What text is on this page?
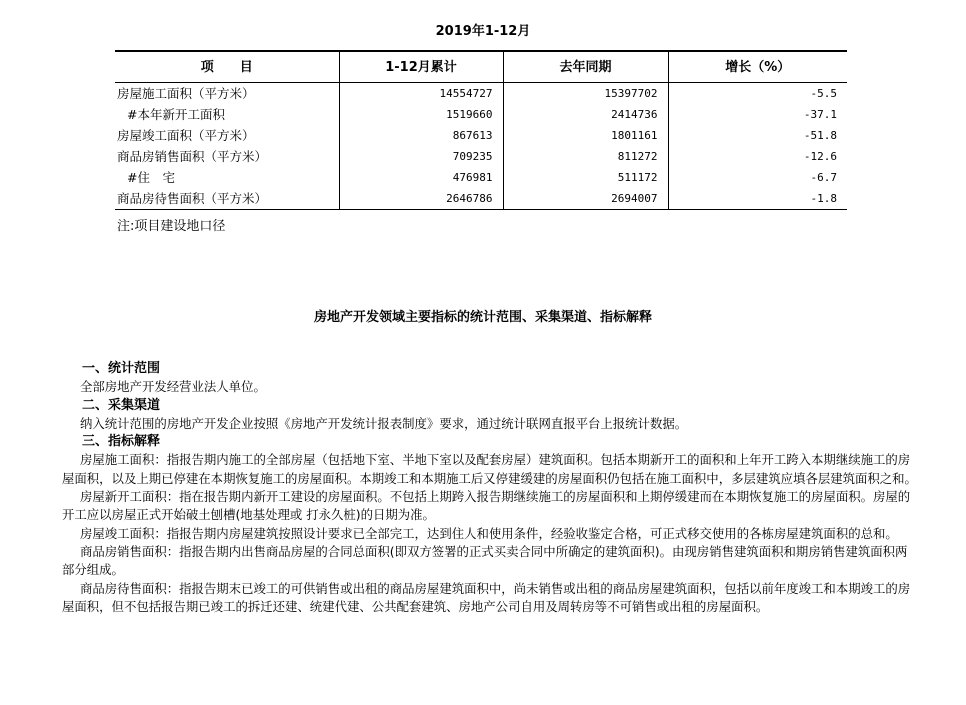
2019年1-12月
项　　目	1-12月累计	去年同期	增长（%）
房屋施工面积（平方米）	14554727	15397702	-5.5
#本年新开工面积	1519660	2414736	-37.1
房屋竣工面积（平方米）	867613	1801161	-51.8
商品房销售面积（平方米）	709235	811272	-12.6
#住　宅	476981	511172	-6.7
商品房待售面积（平方米）	2646786	2694007	-1.8
注:项目建设地口径
房地产开发领域主要指标的统计范围、采集渠道、指标解释
一、统计范围

全部房地产开发经营业法人单位。

二、采集渠道

纳入统计范围的房地产开发企业按照《房地产开发统计报表制度》要求，通过统计联网直报平台上报统计数据。

三、指标解释

房屋施工面积：指报告期内施工的全部房屋（包括地下室、半地下室以及配套房屋）建筑面积。包括本期新开工的面积和上年开工跨入本期继续施工的房屋面积，以及上期已停建在本期恢复施工的房屋面积。本期竣工和本期施工后又停建缓建的房屋面积仍包括在施工面积中，多层建筑应填各层建筑面积之和。

房屋新开工面积：指在报告期内新开工建设的房屋面积。不包括上期跨入报告期继续施工的房屋面积和上期停缓建而在本期恢复施工的房屋面积。房屋的开工应以房屋正式开始破土刨槽(地基处理或 打永久桩)的日期为准。

房屋竣工面积：指报告期内房屋建筑按照设计要求已全部完工，达到住人和使用条件，经验收鉴定合格，可正式移交使用的各栋房屋建筑面积的总和。

商品房销售面积：指报告期内出售商品房屋的合同总面积(即双方签署的正式买卖合同中所确定的建筑面积)。由现房销售建筑面积和期房销售建筑面积两部分组成。

商品房待售面积：指报告期末已竣工的可供销售或出租的商品房屋建筑面积中，尚未销售或出租的商品房屋建筑面积，包括以前年度竣工和本期竣工的房屋面积，但不包括报告期已竣工的拆迁还建、统建代建、公共配套建筑、房地产公司自用及周转房等不可销售或出租的房屋面积。
